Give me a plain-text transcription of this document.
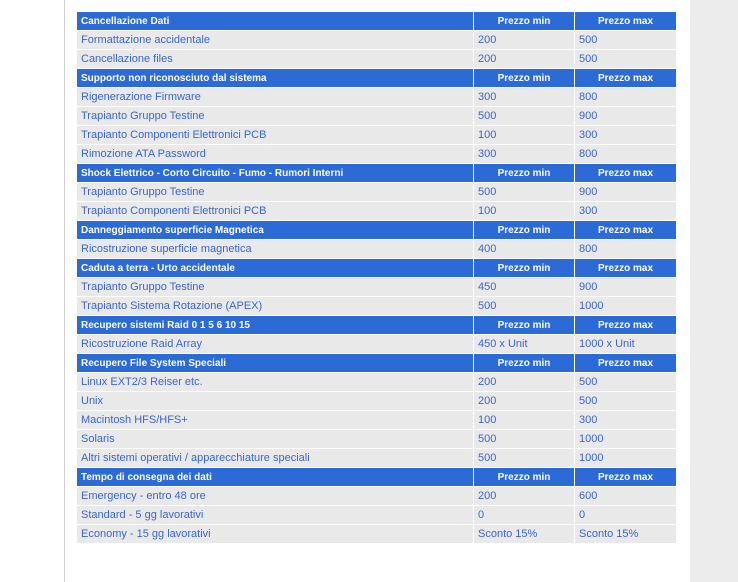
Cancellazione Dati	Prezzo min	Prezzo max
Formattazione accidentale	200	500
Cancellazione files	200	500
Supporto non riconosciuto dal sistema	Prezzo min	Prezzo max
Rigenerazione Firmware	300	800
Trapianto Gruppo Testine	500	900
Trapianto Componenti Elettronici PCB	100	300
Rimozione ATA Password	300	800
Shock Elettrico - Corto Circuito - Fumo - Rumori Interni	Prezzo min	Prezzo max
Trapianto Gruppo Testine	500	900
Trapianto Componenti Elettronici PCB	100	300
Danneggiamento superficie Magnetica	Prezzo min	Prezzo max
Ricostruzione superficie magnetica	400	800
Caduta a terra - Urto accidentale	Prezzo min	Prezzo max
Trapianto Gruppo Testine	450	900
Trapianto Sistema Rotazione (APEX)	500	1000
Recupero sistemi Raid 0 1 5 6 10 15	Prezzo min	Prezzo max
Ricostruzione Raid Array	450 x Unit	1000 x Unit
Recupero File System Speciali	Prezzo min	Prezzo max
Linux EXT2/3 Reiser etc.	200	500
Unix	200	500
Macintosh HFS/HFS+	100	300
Solaris	500	1000
Altri sistemi operativi / apparecchiature speciali	500	1000
Tempo di consegna dei dati	Prezzo min	Prezzo max
Emergency - entro 48 ore	200	600
Standard - 5 gg lavorativi	0	0
Economy - 15 gg lavorativi	Sconto 15%	Sconto 15%
